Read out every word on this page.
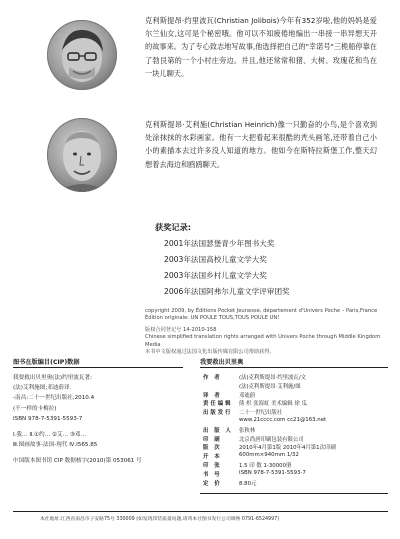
克利斯提昂·约里波瓦(Christian Jolibois)今年有352岁啦,他的妈妈是爱尔兰仙女,这可是个秘密哦。他可以不知疲倦地编出一串接一串异想天开的故事来。为了专心致志地写故事,他选择把自己的"幸诺号"三桅船停靠在了勃艮第的一个小村庄旁边。并且,他还常常和猪、大树、玫瑰花和鸟在一块儿聊天。
克利斯提昂·艾利施(Christian Heinrich)像一只勤奋的小鸟,是个喜欢到处涂抹抹的水彩画家。他有一大把看起来很酷的秃头画笔,还带着自己小小的素描本去过许多没人知道的地方。他如今在斯特拉斯堡工作,整天幻想着去海边和鸥鸥聊天。
获奖记录:
2001年法国瑟堡青少年图书大奖
2003年法国高校儿童文学大奖
2003年法国乡村儿童文学大奖
2006年法国阿弗尔儿童文学评审团奖
copyright 2009, by Éditions Pocket Jeunesse, département d'Univers Poche – Paris,France
Édition originale: UN POULE TOUS,TOUS POULE UN!
版权合同登记号 14-2010-158
Chinese simplified translation rights arranged with Univers Poche through Middle Kingdom Media
本书中文版权通过法国文化出版传媒有限公司帮助获得。
图书在版编目(CIP)数据
我要救出贝里奥(法)约里波瓦著;
(法)艾利施图;邓迪蔚译.
-南昌:二十一世纪出版社,2010.4
(不一样的卡梅拉)
ISBN 978-7-5391-5593-7
Ⅰ.我… Ⅱ.①约… ②艾… ③邓…
Ⅲ.图画故事-法国-现代 Ⅳ.I565.85
中国版本图书馆 CIP 数据核字(2010)第 053061 号
我要救出贝里奥
作 者	(法)克利斯提昂·约里波瓦/文
	(法)克利斯提昂·艾利施/图
译 者	邓迪蔚
责任编辑	熊 炽 张海虹 美术编辑 徐 瓜
出版发行	二十一世纪出版社
	www.21cccc.com cc21@163.net
出 版 人	张秋林
印 刷	北京尚唐印刷包装有限公司
版 次	2010年4月第1版 2010年4月第1次印刷
开 本	600mm×940mm 1/32
印 张	1.5 印 数 1-30000册
书 号	ISBN 978-7-5391-5593-7
定 价	8.80元
本社地址:江西省南昌市子安路75号 330009 (如发现印装质量问题,请寄本社图书发行公司调换 0791-6524997)
